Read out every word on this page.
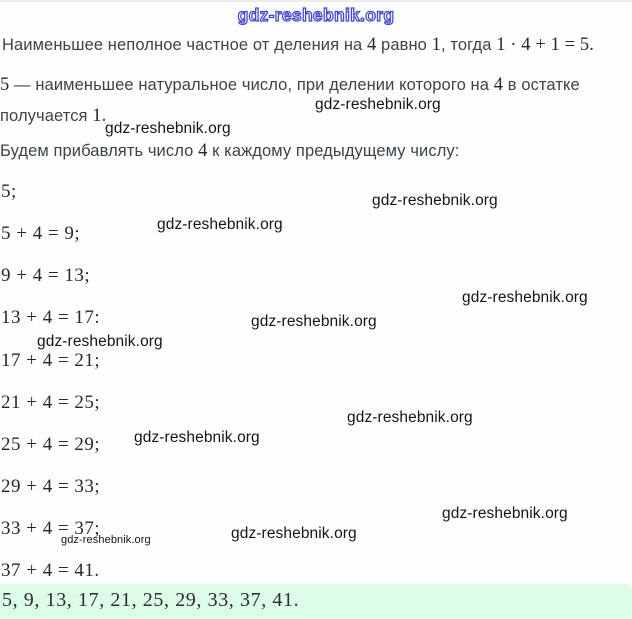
gdz-reshebnik.org
Наименьшее неполное частное от деления на 4 равно 1, тогда 1 · 4 + 1 = 5.
5 — наименьшее натуральное число, при делении которого на 4 в остатке
получается 1.
Будем прибавлять число 4 к каждому предыдущему числу:
5;
5 + 4 = 9;
9 + 4 = 13;
13 + 4 = 17:
17 + 4 = 21;
21 + 4 = 25;
25 + 4 = 29;
29 + 4 = 33;
33 + 4 = 37;
37 + 4 = 41.
gdz-reshebnik.org
gdz-reshebnik.org
gdz-reshebnik.org
gdz-reshebnik.org
gdz-reshebnik.org
gdz-reshebnik.org
gdz-reshebnik.org
gdz-reshebnik.org
gdz-reshebnik.org
gdz-reshebnik.org
gdz-reshebnik.org
gdz-reshebnik.org
5, 9, 13, 17, 21, 25, 29, 33, 37, 41.
